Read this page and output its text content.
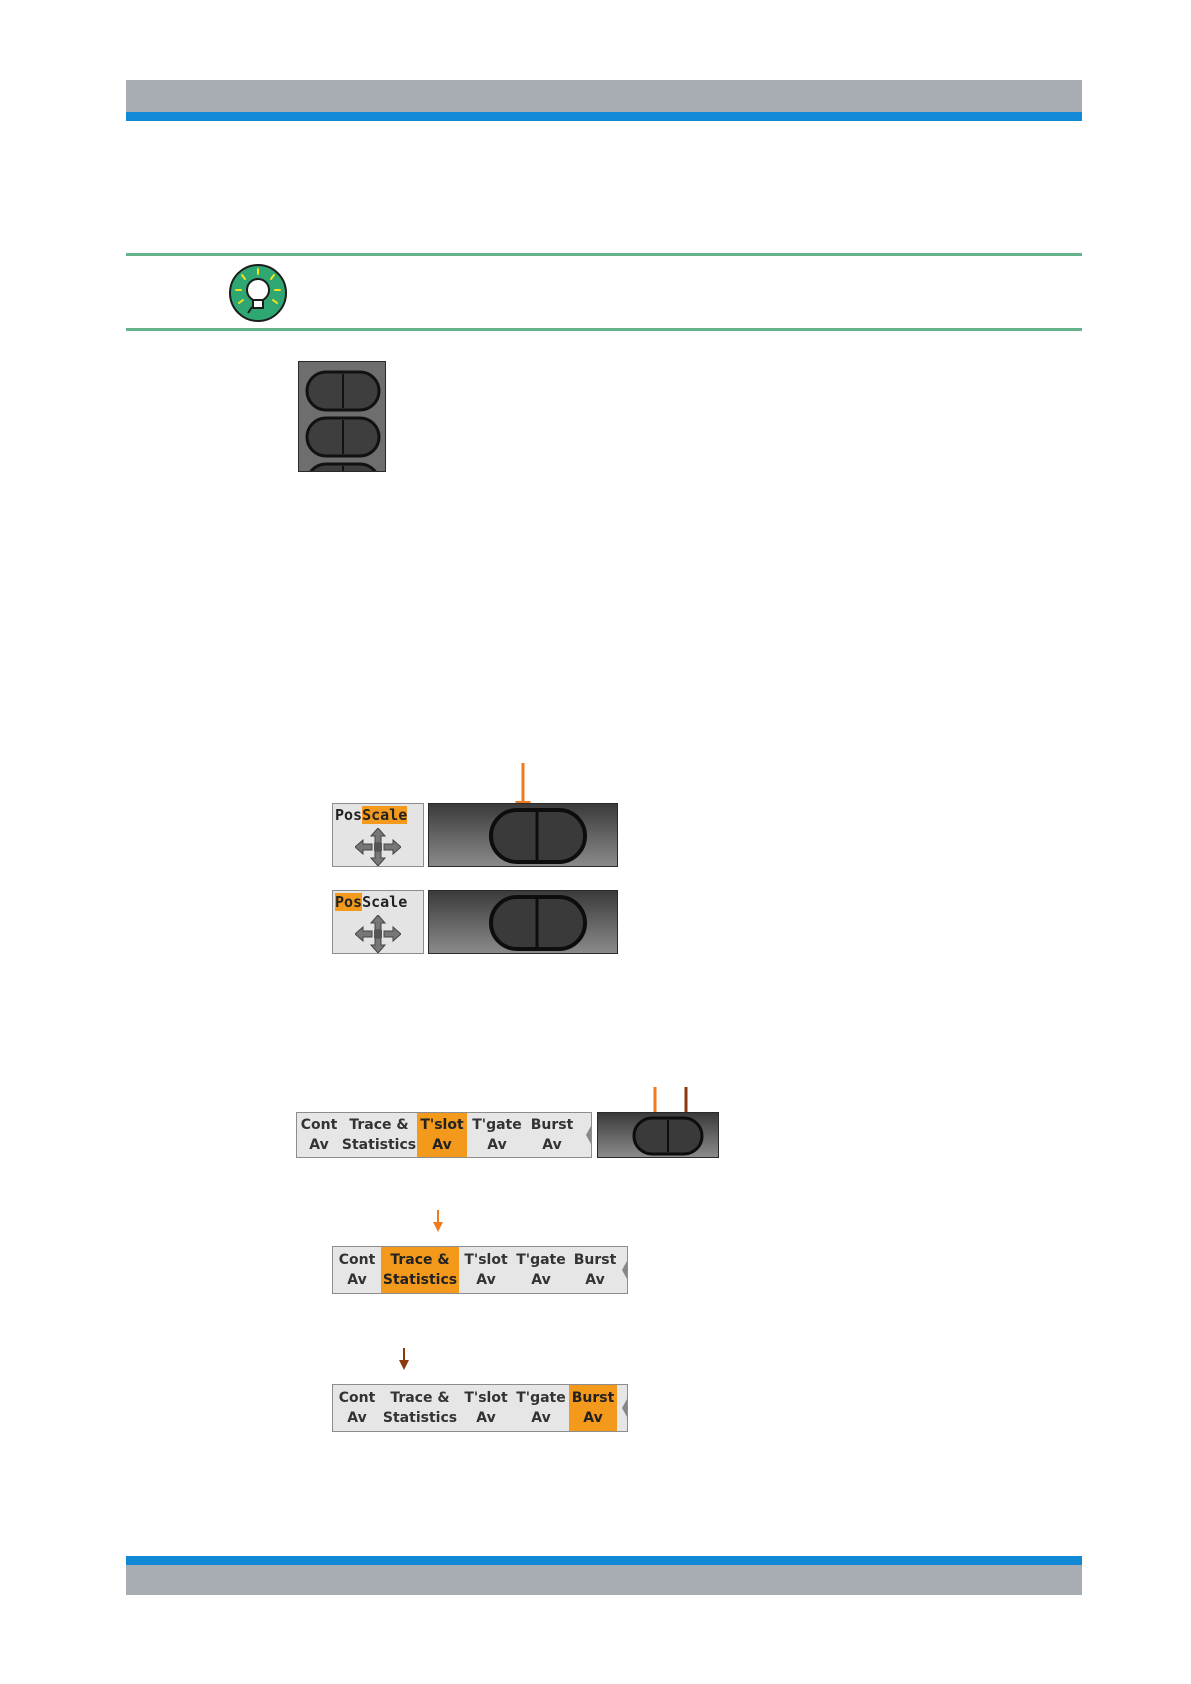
PosScale
PosScale
Cont
Av
Trace &
Statistics
T'slot
Av
T'gate
Av
Burst
Av
Cont
Av
Trace &
Statistics
T'slot
Av
T'gate
Av
Burst
Av
Cont
Av
Trace &
Statistics
T'slot
Av
T'gate
Av
Burst
Av
